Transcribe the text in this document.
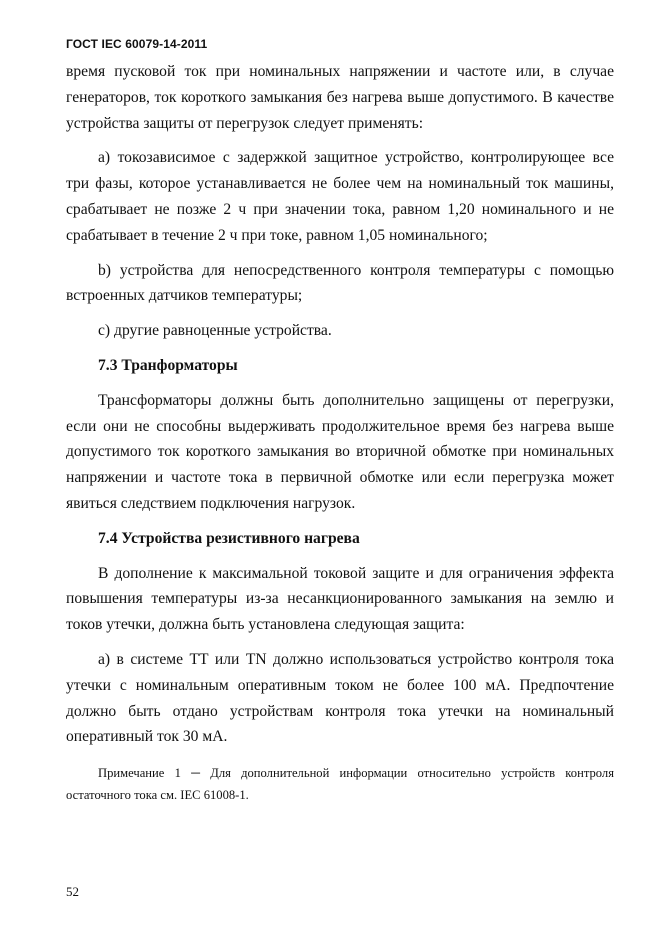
ГОСТ IEC 60079-14-2011

время пусковой ток при номинальных напряжении и частоте или, в случае генераторов, ток короткого замыкания без нагрева выше допустимого. В качестве устройства защиты от перегрузок следует применять:

а) токозависимое с задержкой защитное устройство, контролирующее все три фазы, которое устанавливается не более чем на номинальный ток машины, срабатывает не позже 2 ч при значении тока, равном 1,20 номинального и не срабатывает в течение 2 ч при токе, равном 1,05 номинального;

b) устройства для непосредственного контроля температуры с помощью встроенных датчиков температуры;

с) другие равноценные устройства.

7.3 Транформаторы

Трансформаторы должны быть дополнительно защищены от перегрузки, если они не способны выдерживать продолжительное время без нагрева выше допустимого ток короткого замыкания во вторичной обмотке при номинальных напряжении и частоте тока в первичной обмотке или если перегрузка может явиться следствием подключения нагрузок.

7.4 Устройства резистивного нагрева

В дополнение к максимальной токовой защите и для ограничения эффекта повышения температуры из-за несанкционированного замыкания на землю и токов утечки, должна быть установлена следующая защита:

а) в системе ТТ или TN должно использоваться устройство контроля тока утечки с номинальным оперативным током не более 100 мА. Предпочтение должно быть отдано устройствам контроля тока утечки на номинальный оперативный ток 30 мА.

Примечание 1 ─ Для дополнительной информации относительно устройств контроля остаточного тока см. IEC 61008-1.

52
